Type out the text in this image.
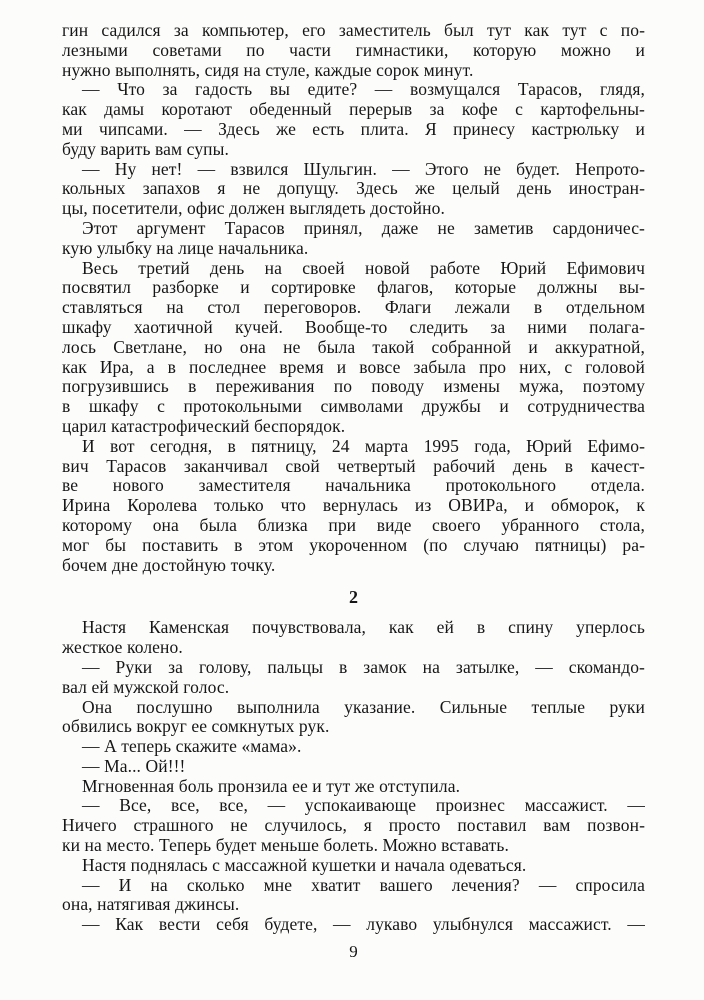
гин садился за компьютер, его заместитель был тут как тут с по-
лезными советами по части гимнастики, которую можно и
нужно выполнять, сидя на стуле, каждые сорок минут.
— Что за гадость вы едите? — возмущался Тарасов, глядя,
как дамы коротают обеденный перерыв за кофе с картофельны-
ми чипсами. — Здесь же есть плита. Я принесу кастрюльку и
буду варить вам супы.
— Ну нет! — взвился Шульгин. — Этого не будет. Непрото-
кольных запахов я не допущу. Здесь же целый день иностран-
цы, посетители, офис должен выглядеть достойно.
Этот аргумент Тарасов принял, даже не заметив сардоничес-
кую улыбку на лице начальника.
Весь третий день на своей новой работе Юрий Ефимович
посвятил разборке и сортировке флагов, которые должны вы-
ставляться на стол переговоров. Флаги лежали в отдельном
шкафу хаотичной кучей. Вообще-то следить за ними полага-
лось Светлане, но она не была такой собранной и аккуратной,
как Ира, а в последнее время и вовсе забыла про них, с головой
погрузившись в переживания по поводу измены мужа, поэтому
в шкафу с протокольными символами дружбы и сотрудничества
царил катастрофический беспорядок.
И вот сегодня, в пятницу, 24 марта 1995 года, Юрий Ефимо-
вич Тарасов заканчивал свой четвертый рабочий день в качест-
ве нового заместителя начальника протокольного отдела.
Ирина Королева только что вернулась из ОВИРа, и обморок, к
которому она была близка при виде своего убранного стола,
мог бы поставить в этом укороченном (по случаю пятницы) ра-
бочем дне достойную точку.
2
Настя Каменская почувствовала, как ей в спину уперлось
жесткое колено.
— Руки за голову, пальцы в замок на затылке, — скомандо-
вал ей мужской голос.
Она послушно выполнила указание. Сильные теплые руки
обвились вокруг ее сомкнутых рук.
— А теперь скажите «мама».
— Ма... Ой!!!
Мгновенная боль пронзила ее и тут же отступила.
— Все, все, все, — успокаивающе произнес массажист. —
Ничего страшного не случилось, я просто поставил вам позвон-
ки на место. Теперь будет меньше болеть. Можно вставать.
Настя поднялась с массажной кушетки и начала одеваться.
— И на сколько мне хватит вашего лечения? — спросила
она, натягивая джинсы.
— Как вести себя будете, — лукаво улыбнулся массажист. —
9
